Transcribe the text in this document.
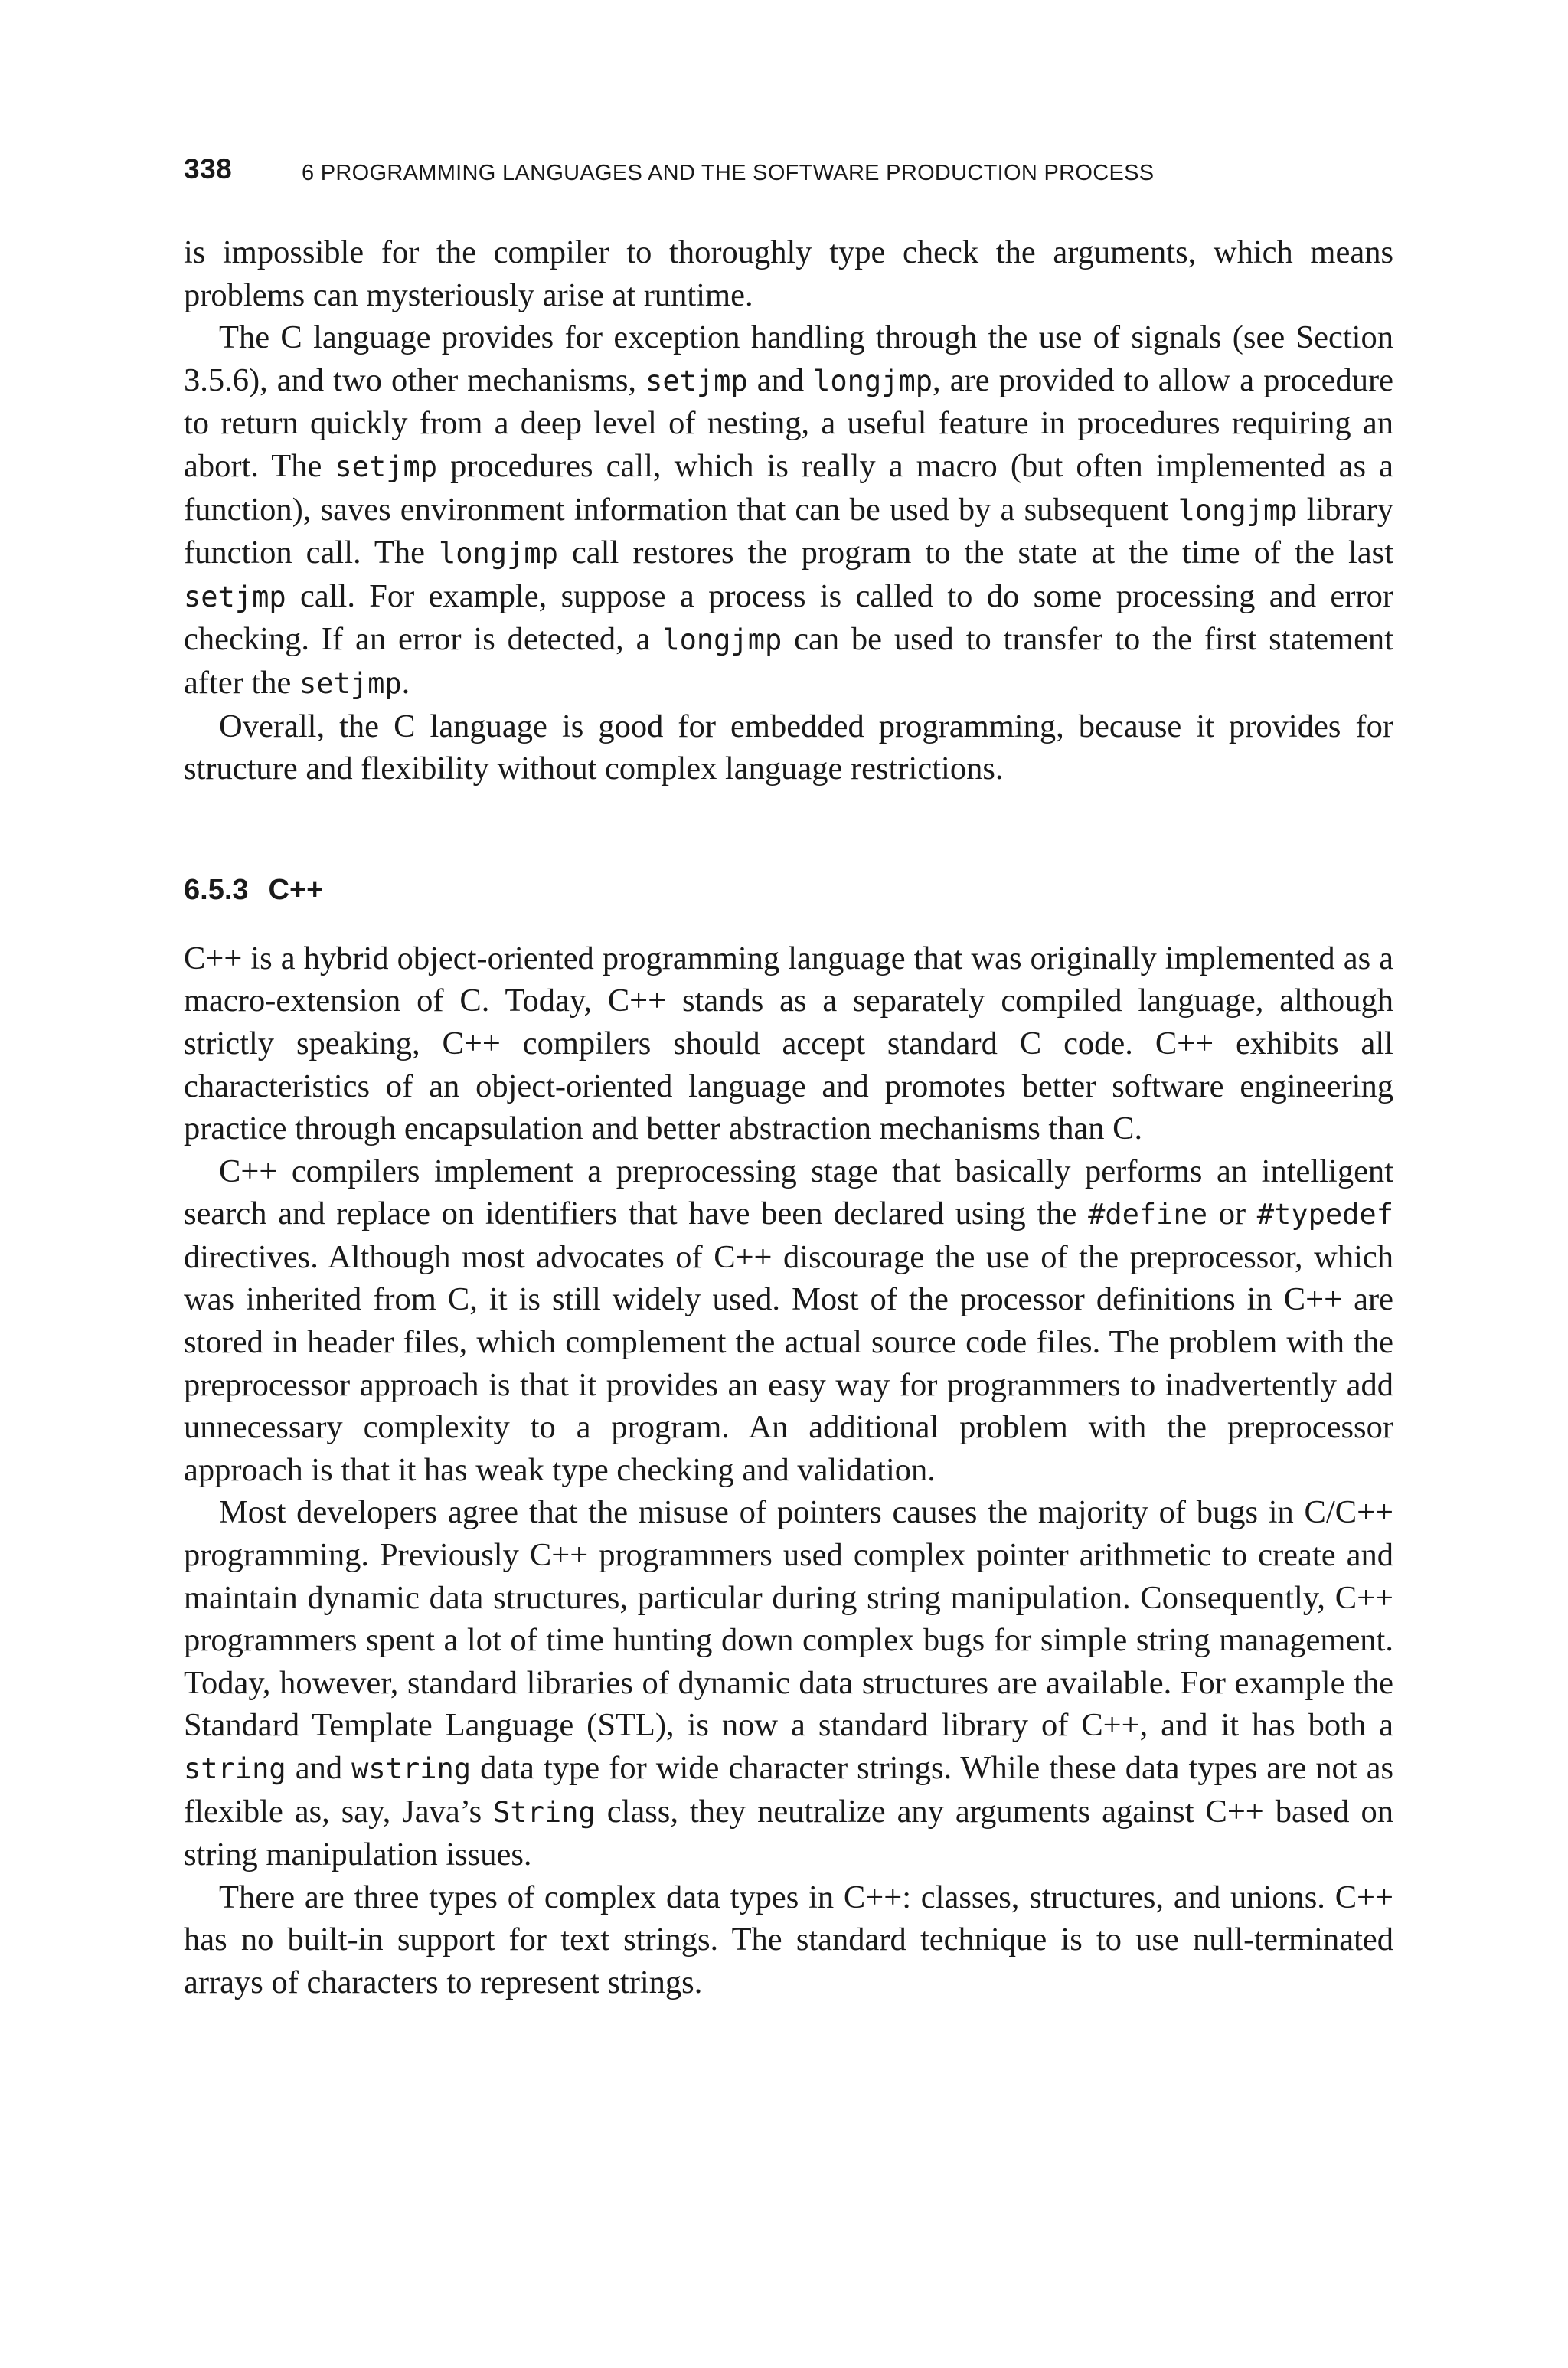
338	6 PROGRAMMING LANGUAGES AND THE SOFTWARE PRODUCTION PROCESS

is impossible for the compiler to thoroughly type check the arguments, which means problems can mysteriously arise at runtime.

The C language provides for exception handling through the use of signals (see Section 3.5.6), and two other mechanisms, setjmp and longjmp, are provided to allow a procedure to return quickly from a deep level of nesting, a useful feature in procedures requiring an abort. The setjmp procedures call, which is really a macro (but often implemented as a function), saves environment information that can be used by a subsequent longjmp library function call. The longjmp call restores the program to the state at the time of the last setjmp call. For example, suppose a process is called to do some processing and error checking. If an error is detected, a longjmp can be used to transfer to the first statement after the setjmp.

Overall, the C language is good for embedded programming, because it provides for structure and flexibility without complex language restrictions.

6.5.3 C++

C++ is a hybrid object-oriented programming language that was originally implemented as a macro-extension of C. Today, C++ stands as a separately compiled language, although strictly speaking, C++ compilers should accept standard C code. C++ exhibits all characteristics of an object-oriented language and promotes better software engineering practice through encapsulation and better abstraction mechanisms than C.

C++ compilers implement a preprocessing stage that basically performs an intelligent search and replace on identifiers that have been declared using the #define or #typedef directives. Although most advocates of C++ discourage the use of the preprocessor, which was inherited from C, it is still widely used. Most of the processor definitions in C++ are stored in header files, which complement the actual source code files. The problem with the preprocessor approach is that it provides an easy way for programmers to inadvertently add unnecessary complexity to a program. An additional problem with the preprocessor approach is that it has weak type checking and validation.

Most developers agree that the misuse of pointers causes the majority of bugs in C/C++ programming. Previously C++ programmers used complex pointer arithmetic to create and maintain dynamic data structures, particular during string manipulation. Consequently, C++ programmers spent a lot of time hunting down complex bugs for simple string management. Today, however, standard libraries of dynamic data structures are available. For example the Standard Template Language (STL), is now a standard library of C++, and it has both a string and wstring data type for wide character strings. While these data types are not as flexible as, say, Java’s String class, they neutralize any arguments against C++ based on string manipulation issues.

There are three types of complex data types in C++: classes, structures, and unions. C++ has no built-in support for text strings. The standard technique is to use null-terminated arrays of characters to represent strings.
